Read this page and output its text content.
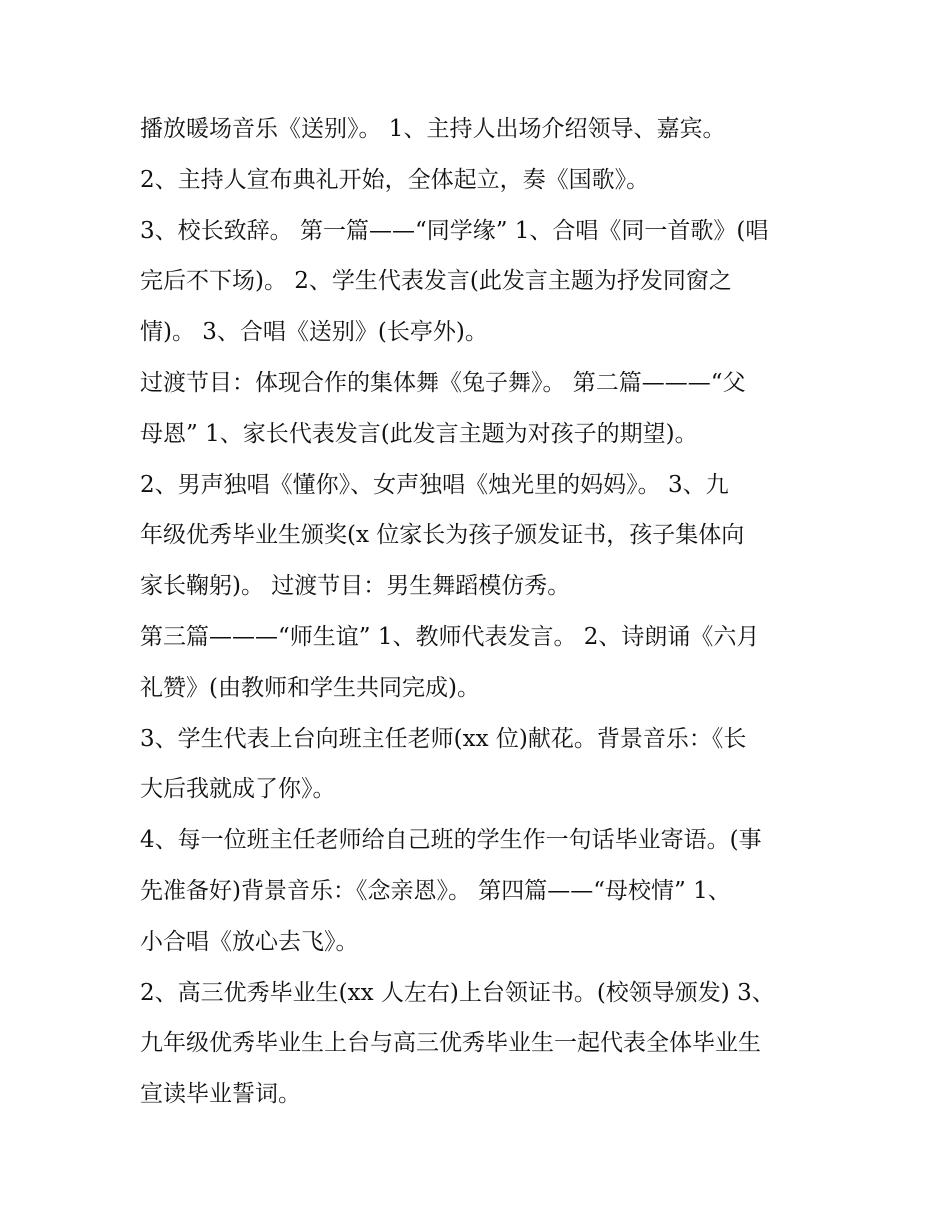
播放暖场音乐《送别》。 1、主持人出场介绍领导、嘉宾。
2、主持人宣布典礼开始，全体起立，奏《国歌》。
3、校长致辞。 第一篇——“同学缘” 1、合唱《同一首歌》(唱
完后不下场)。 2、学生代表发言(此发言主题为抒发同窗之
情)。 3、合唱《送别》(长亭外)。
过渡节目：体现合作的集体舞《兔子舞》。 第二篇———“父
母恩” 1、家长代表发言(此发言主题为对孩子的期望)。
2、男声独唱《懂你》、女声独唱《烛光里的妈妈》。 3、九
年级优秀毕业生颁奖(x 位家长为孩子颁发证书，孩子集体向
家长鞠躬)。 过渡节目：男生舞蹈模仿秀。
第三篇———“师生谊” 1、教师代表发言。 2、诗朗诵《六月
礼赞》(由教师和学生共同完成)。
3、学生代表上台向班主任老师(xx 位)献花。背景音乐：《长
大后我就成了你》。
4、每一位班主任老师给自己班的学生作一句话毕业寄语。(事
先准备好)背景音乐：《念亲恩》。 第四篇——“母校情” 1、
小合唱《放心去飞》。
2、高三优秀毕业生(xx 人左右)上台领证书。(校领导颁发) 3、
九年级优秀毕业生上台与高三优秀毕业生一起代表全体毕业生
宣读毕业誓词。
